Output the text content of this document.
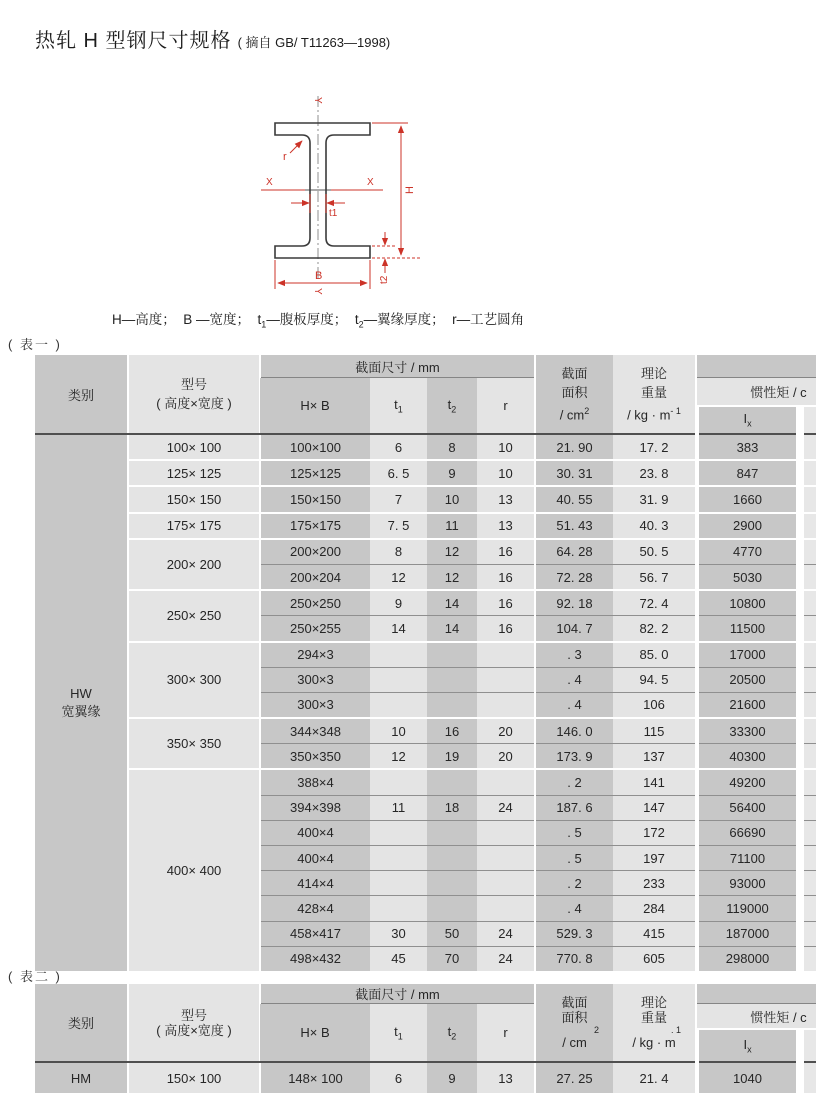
热轧 H 型钢尺寸规格 ( 摘自 GB/ T11263—1998)
r
Y
Y
X	X
H
B
t1
t2
H—高度；  B —宽度；  $t_1—$腹板厚度；  $t_2—$翼缘厚度；  r—工艺圆角
( 表一 )
类别	
型号
( 高度×宽度 )
	截面尺寸 / mm	截面
面积
/ $cm^2$

理论
重量
/ kg · $m^{- 1}$

		H× B	$t_1$	$t_2$	r			惯性矩 / c	
								$I_x$	

HW
宽翼缘	100× 100	100×100	6	8	10	21. 90	17. 2	383	
	125× 125	125×125	6. 5	9	10	30. 31	23. 8	847	
	150× 150	150×150	7	10	13	40. 55	31. 9	1660	
	175× 175	175×175	7. 5	11	13	51. 43	40. 3	2900	
	200× 200	200×200	8	12	16	64. 28	50. 5	4770	
		200×204	12	12	16	72. 28	56. 7	5030	
	250× 250	250×250	9	14	16	92. 18	72. 4	10800	
		250×255	14	14	16	104. 7	82. 2	11500	
	300× 300	294×3				. 3	85. 0	17000	
		300×3				. 4	94. 5	20500	
		300×3				. 4	106	21600	
	350× 350	344×348	10	16	20	146. 0	115	33300	
		350×350	12	19	20	173. 9	137	40300	
	400× 400	388×4				. 2	141	49200	
		394×398	11	18	24	187. 6	147	56400	
		400×4				. 5	172	66690	
		400×4				. 5	197	71100	
		414×4				. 2	233	93000	
		428×4				. 4	284	119000	
		458×417	30	50	24	529. 3	415	187000	
		498×432	45	70	24	770. 8	605	298000	
( 表二 )
类别	
型号
( 高度×宽度 )
	截面尺寸 / mm	
截面
面积
2
/ cm

理论
重量
. 1
/ kg · m

		H× B	$t_1$	$t_2$	r			惯性矩 / c	
								$I_x$	
HM	150× 100	148× 100	6	9	13	27. 25	21. 4	1040	
